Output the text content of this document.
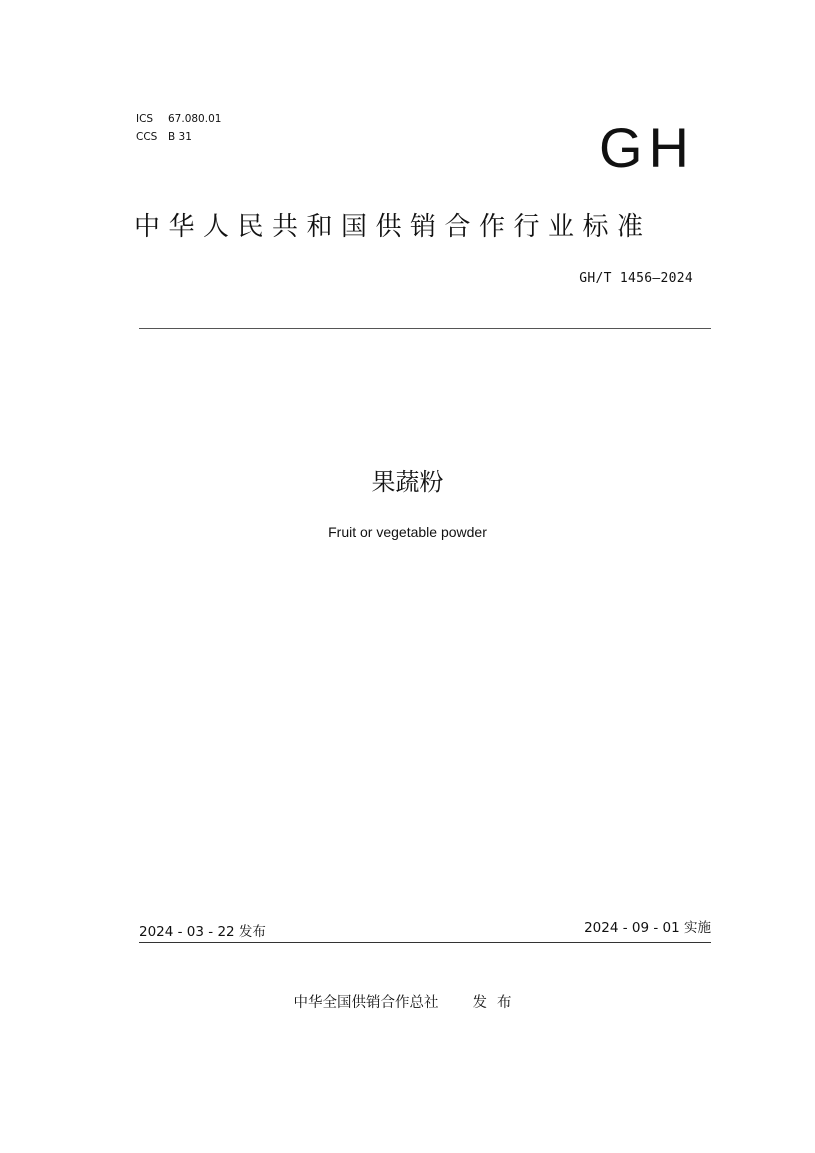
ICS 67.080.01
CCS B 31	GH
中华人民共和国供销合作行业标准
GH/T 1456—2024
果蔬粉
Fruit or vegetable powder
2024 - 03 - 22 发布	2024 - 09 - 01 实施
中华全国供销合作总社 发布
